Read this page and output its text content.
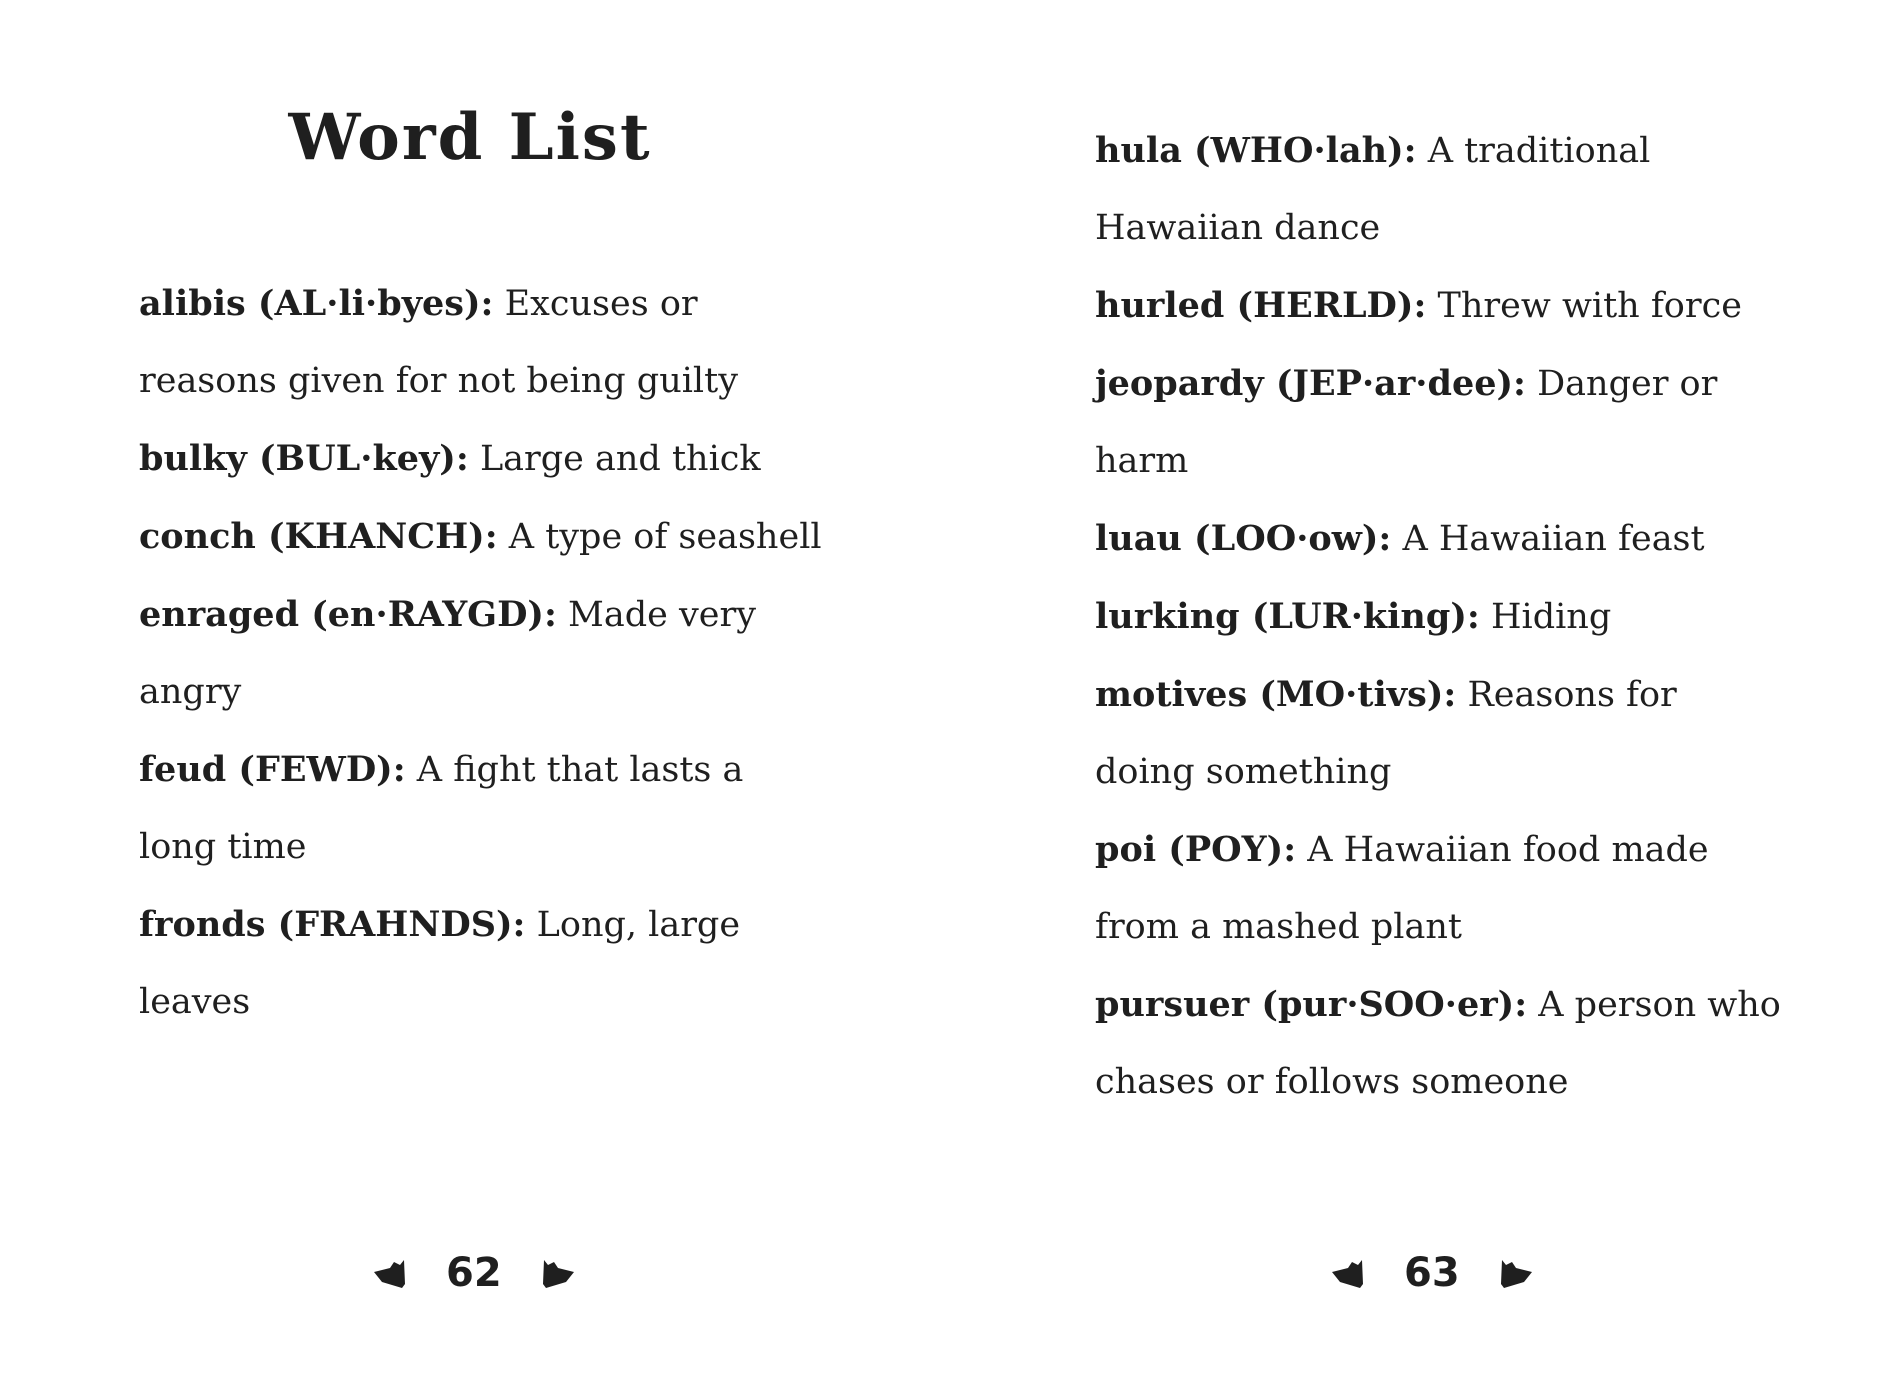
Word List

alibis (AL·li·byes): Excuses or reasons given for not being guilty

bulky (BUL·key): Large and thick

conch (KHANCH): A type of seashell

enraged (en·RAYGD): Made very angry

feud (FEWD): A fight that lasts a long time

fronds (FRAHNDS): Long, large leaves

hula (WHO·lah): A traditional Hawaiian dance

hurled (HERLD): Threw with force

jeopardy (JEP·ar·dee): Danger or harm

luau (LOO·ow): A Hawaiian feast

lurking (LUR·king): Hiding

motives (MO·tivs): Reasons for doing something

poi (POY): A Hawaiian food made from a mashed plant

pursuer (pur·SOO·er): A person who chases or follows someone

62	63
